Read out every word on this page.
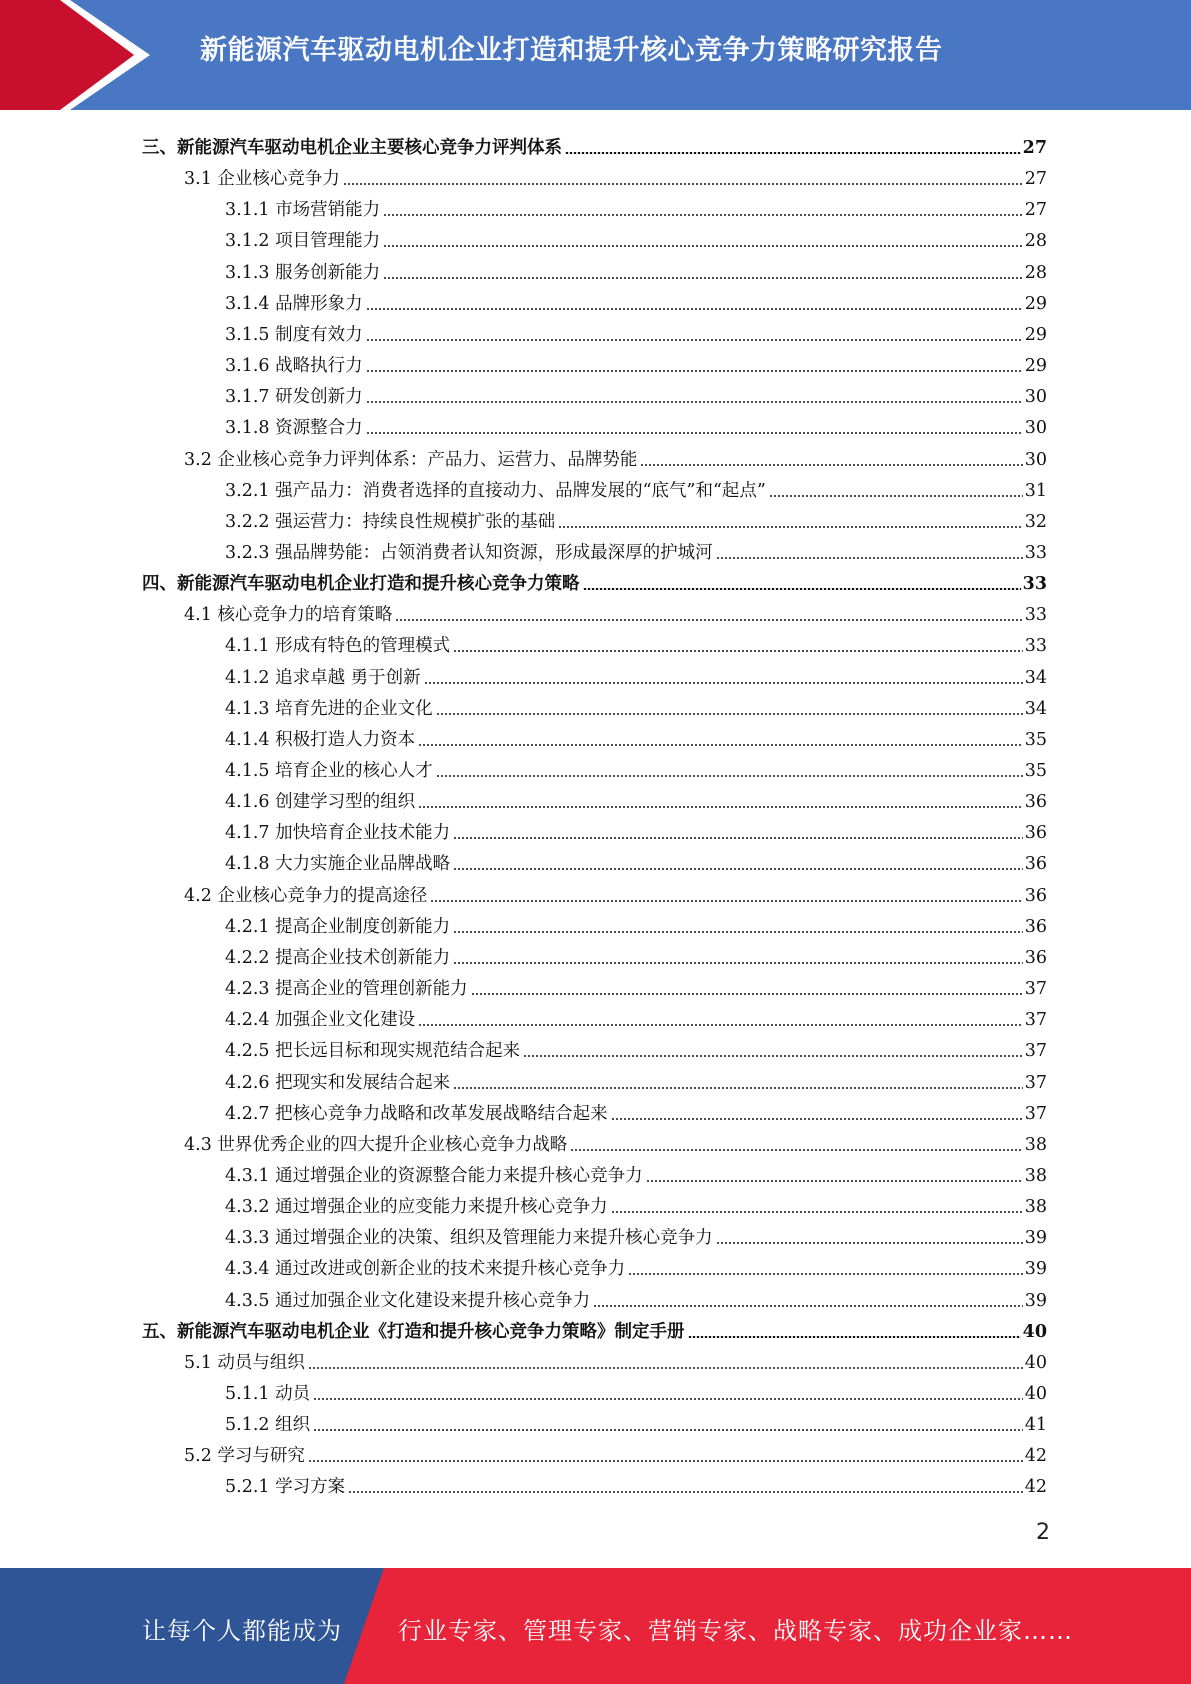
新能源汽车驱动电机企业打造和提升核心竞争力策略研究报告
三、新能源汽车驱动电机企业主要核心竞争力评判体系	27
3.1 企业核心竞争力	27
3.1.1 市场营销能力	27
3.1.2 项目管理能力	28
3.1.3 服务创新能力	28
3.1.4 品牌形象力	29
3.1.5 制度有效力	29
3.1.6 战略执行力	29
3.1.7 研发创新力	30
3.1.8 资源整合力	30
3.2 企业核心竞争力评判体系：产品力、运营力、品牌势能	30
3.2.1 强产品力：消费者选择的直接动力、品牌发展的“底气”和“起点”	31
3.2.2 强运营力：持续良性规模扩张的基础	32
3.2.3 强品牌势能：占领消费者认知资源，形成最深厚的护城河	33
四、新能源汽车驱动电机企业打造和提升核心竞争力策略	33
4.1 核心竞争力的培育策略	33
4.1.1 形成有特色的管理模式	33
4.1.2 追求卓越 勇于创新	34
4.1.3 培育先进的企业文化	34
4.1.4 积极打造人力资本	35
4.1.5 培育企业的核心人才	35
4.1.6 创建学习型的组织	36
4.1.7 加快培育企业技术能力	36
4.1.8 大力实施企业品牌战略	36
4.2 企业核心竞争力的提高途径	36
4.2.1 提高企业制度创新能力	36
4.2.2 提高企业技术创新能力	36
4.2.3 提高企业的管理创新能力	37
4.2.4 加强企业文化建设	37
4.2.5 把长远目标和现实规范结合起来	37
4.2.6 把现实和发展结合起来	37
4.2.7 把核心竞争力战略和改革发展战略结合起来	37
4.3 世界优秀企业的四大提升企业核心竞争力战略	38
4.3.1 通过增强企业的资源整合能力来提升核心竞争力	38
4.3.2 通过增强企业的应变能力来提升核心竞争力	38
4.3.3 通过增强企业的决策、组织及管理能力来提升核心竞争力	39
4.3.4 通过改进或创新企业的技术来提升核心竞争力	39
4.3.5 通过加强企业文化建设来提升核心竞争力	39
五、新能源汽车驱动电机企业《打造和提升核心竞争力策略》制定手册	40
5.1 动员与组织	40
5.1.1 动员	40
5.1.2 组织	41
5.2 学习与研究	42
5.2.1 学习方案	42
2
让每个人都能成为 行业专家、管理专家、营销专家、战略专家、成功企业家……
